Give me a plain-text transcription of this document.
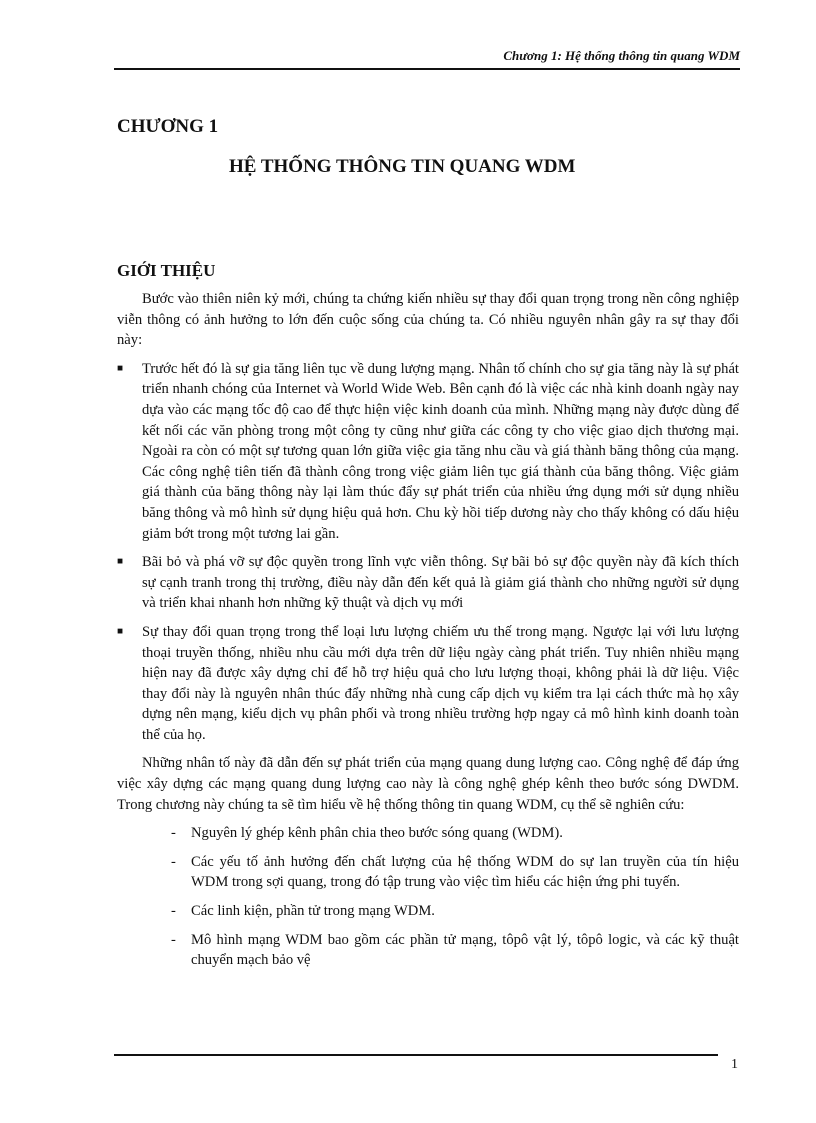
Chương 1: Hệ thống thông tin quang WDM
CHƯƠNG 1
HỆ THỐNG THÔNG TIN QUANG WDM
GIỚI THIỆU

Bước vào thiên niên kỷ mới, chúng ta chứng kiến nhiều sự thay đổi quan trọng trong nền công nghiệp viễn thông có ảnh hưởng to lớn đến cuộc sống của chúng ta. Có nhiều nguyên nhân gây ra sự thay đổi này:

■ Trước hết đó là sự gia tăng liên tục về dung lượng mạng. Nhân tố chính cho sự gia tăng này là sự phát triển nhanh chóng của Internet và World Wide Web. Bên cạnh đó là việc các nhà kinh doanh ngày nay dựa vào các mạng tốc độ cao để thực hiện việc kinh doanh của mình. Những mạng này được dùng để kết nối các văn phòng trong một công ty cũng như giữa các công ty cho việc giao dịch thương mại. Ngoài ra còn có một sự tương quan lớn giữa việc gia tăng nhu cầu và giá thành băng thông của mạng. Các công nghệ tiên tiến đã thành công trong việc giảm liên tục giá thành của băng thông. Việc giảm giá thành của băng thông này lại làm thúc đẩy sự phát triển của nhiều ứng dụng mới sử dụng nhiều băng thông và mô hình sử dụng hiệu quả hơn. Chu kỳ hồi tiếp dương này cho thấy không có dấu hiệu giảm bớt trong một tương lai gần.
■ Bãi bỏ và phá vỡ sự độc quyền trong lĩnh vực viễn thông. Sự bãi bỏ sự độc quyền này đã kích thích sự cạnh tranh trong thị trường, điều này dẫn đến kết quả là giảm giá thành cho những người sử dụng và triển khai nhanh hơn những kỹ thuật và dịch vụ mới
■ Sự thay đổi quan trọng trong thể loại lưu lượng chiếm ưu thế trong mạng. Ngược lại với lưu lượng thoại truyền thống, nhiều nhu cầu mới dựa trên dữ liệu ngày càng phát triển. Tuy nhiên nhiều mạng hiện nay đã được xây dựng chỉ để hỗ trợ hiệu quả cho lưu lượng thoại, không phải là dữ liệu. Việc thay đổi này là nguyên nhân thúc đẩy những nhà cung cấp dịch vụ kiểm tra lại cách thức mà họ xây dựng nên mạng, kiểu dịch vụ phân phối và trong nhiều trường hợp ngay cả mô hình kinh doanh toàn thể của họ.

Những nhân tố này đã dẫn đến sự phát triển của mạng quang dung lượng cao. Công nghệ để đáp ứng việc xây dựng các mạng quang dung lượng cao này là công nghệ ghép kênh theo bước sóng DWDM. Trong chương này chúng ta sẽ tìm hiểu về hệ thống thông tin quang WDM, cụ thể sẽ nghiên cứu:

- Nguyên lý ghép kênh phân chia theo bước sóng quang (WDM).
- Các yếu tố ảnh hưởng đến chất lượng của hệ thống WDM do sự lan truyền của tín hiệu WDM trong sợi quang, trong đó tập trung vào việc tìm hiểu các hiện ứng phi tuyến.
- Các linh kiện, phần tử trong mạng WDM.
- Mô hình mạng WDM bao gồm các phần tử mạng, tôpô vật lý, tôpô logic, và các kỹ thuật chuyển mạch bảo vệ
1
